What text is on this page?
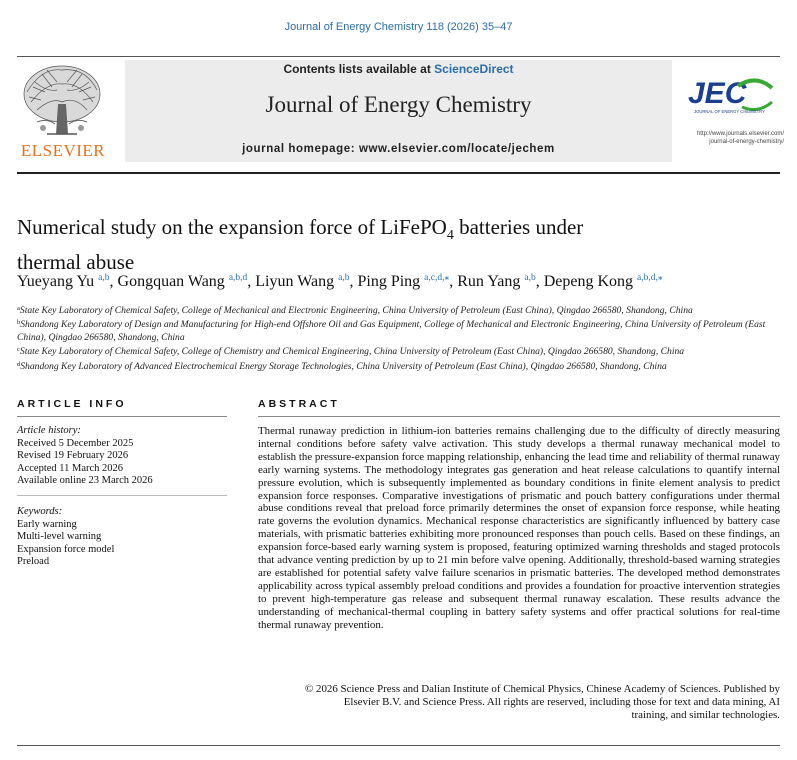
Journal of Energy Chemistry 118 (2026) 35–47
ELSEVIER
Contents lists available at ScienceDirect
Journal of Energy Chemistry
journal homepage: www.elsevier.com/locate/jechem
JEC
JOURNAL OF ENERGY CHEMISTRY
http://www.journals.elsevier.com/
journal-of-energy-chemistry/
Numerical study on the expansion force of LiFePO$_4$ batteries under
thermal abuse
Yueyang Yu $^{a,b}$, Gongquan Wang $^{a,b,d}$, Liyun Wang $^{a,b}$, Ping Ping $^{a,c,d,⁎}$, Run Yang $^{a,b}$, Depeng Kong $^{a,b,d,⁎}$
$^a$State Key Laboratory of Chemical Safety, College of Mechanical and Electronic Engineering, China University of Petroleum (East China), Qingdao 266580, Shandong, China
$^b$Shandong Key Laboratory of Design and Manufacturing for High-end Offshore Oil and Gas Equipment, College of Mechanical and Electronic Engineering, China University of Petroleum (East China), Qingdao 266580, Shandong, China
$^c$State Key Laboratory of Chemical Safety, College of Chemistry and Chemical Engineering, China University of Petroleum (East China), Qingdao 266580, Shandong, China
$^d$Shandong Key Laboratory of Advanced Electrochemical Energy Storage Technologies, China University of Petroleum (East China), Qingdao 266580, Shandong, China
ARTICLE INFO	ABSTRACT
Article history:
Received 5 December 2025
Revised 19 February 2026
Accepted 11 March 2026
Available online 23 March 2026
Keywords:
Early warning
Multi-level warning
Expansion force model
Preload
Thermal runaway prediction in lithium-ion batteries remains challenging due to the difficulty of directly measuring internal conditions before safety valve activation. This study develops a thermal runaway mechanical model to establish the pressure-expansion force mapping relationship, enhancing the lead time and reliability of thermal runaway early warning systems. The methodology integrates gas generation and heat release calculations to quantify internal pressure evolution, which is subsequently implemented as boundary conditions in finite element analysis to predict expansion force responses. Comparative investigations of prismatic and pouch battery configurations under thermal abuse conditions reveal that preload force primarily determines the onset of expansion force response, while heating rate governs the evolution dynamics. Mechanical response characteristics are significantly influenced by battery case materials, with prismatic batteries exhibiting more pronounced responses than pouch cells. Based on these findings, an expansion force-based early warning system is proposed, featuring optimized warning thresholds and staged protocols that advance venting prediction by up to 21 min before valve opening. Additionally, threshold-based warning strategies are established for potential safety valve failure scenarios in prismatic batteries. The developed method demonstrates applicability across typical assembly preload conditions and provides a foundation for proactive intervention strategies to prevent high-temperature gas release and subsequent thermal runaway escalation. These results advance the understanding of mechanical-thermal coupling in battery safety systems and offer practical solutions for real-time thermal runaway prevention.
© 2026 Science Press and Dalian Institute of Chemical Physics, Chinese Academy of Sciences. Published by
Elsevier B.V. and Science Press. All rights are reserved, including those for text and data mining, AI
training, and similar technologies.
